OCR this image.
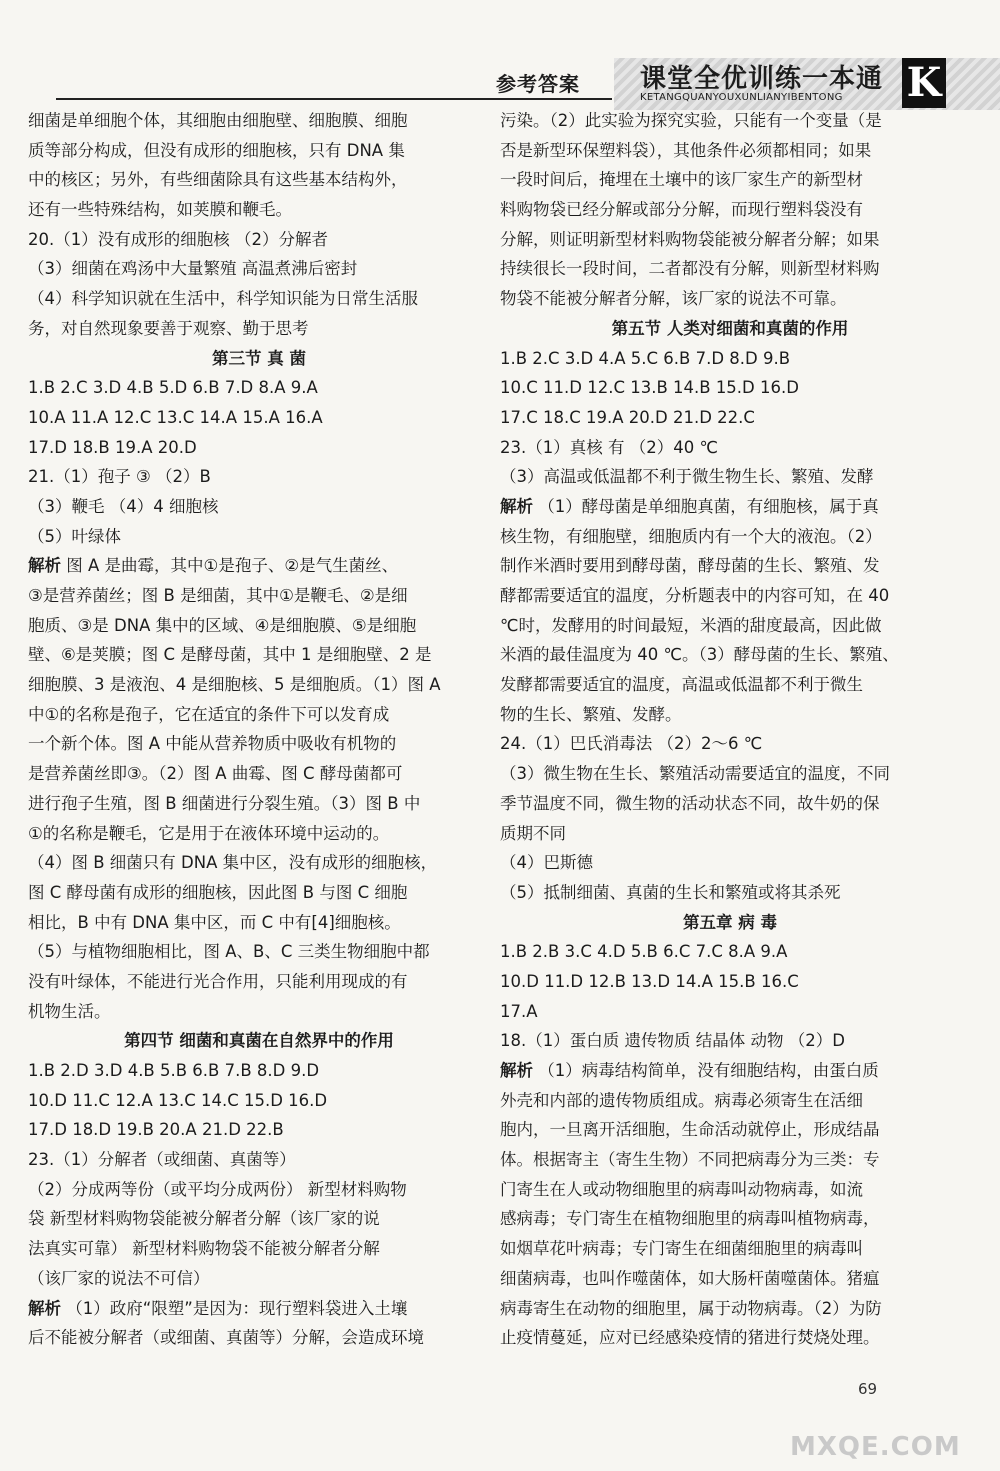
参考答案 课堂全优训练一本通
KETANGQUANYOUXUNLIANYIBENTONG K
细菌是单细胞个体，其细胞由细胞壁、细胞膜、细胞
质等部分构成，但没有成形的细胞核，只有 DNA 集
中的核区；另外，有些细菌除具有这些基本结构外，
还有一些特殊结构，如荚膜和鞭毛。
20.（1）没有成形的细胞核 （2）分解者
（3）细菌在鸡汤中大量繁殖 高温煮沸后密封
（4）科学知识就在生活中，科学知识能为日常生活服
务，对自然现象要善于观察、勤于思考
第三节 真 菌
1.B 2.C 3.D 4.B 5.D 6.B 7.D 8.A 9.A
10.A 11.A 12.C 13.C 14.A 15.A 16.A
17.D 18.B 19.A 20.D
21.（1）孢子 ③ （2）B
（3）鞭毛 （4）4 细胞核
（5）叶绿体
解析 图 A 是曲霉，其中①是孢子、②是气生菌丝、
③是营养菌丝；图 B 是细菌，其中①是鞭毛、②是细
胞质、③是 DNA 集中的区域、④是细胞膜、⑤是细胞
壁、⑥是荚膜；图 C 是酵母菌，其中 1 是细胞壁、2 是
细胞膜、3 是液泡、4 是细胞核、5 是细胞质。（1）图 A
中①的名称是孢子，它在适宜的条件下可以发育成
一个新个体。图 A 中能从营养物质中吸收有机物的
是营养菌丝即③。（2）图 A 曲霉、图 C 酵母菌都可
进行孢子生殖，图 B 细菌进行分裂生殖。（3）图 B 中
①的名称是鞭毛，它是用于在液体环境中运动的。
（4）图 B 细菌只有 DNA 集中区，没有成形的细胞核，
图 C 酵母菌有成形的细胞核，因此图 B 与图 C 细胞
相比，B 中有 DNA 集中区，而 C 中有[4]细胞核。
（5）与植物细胞相比，图 A、B、C 三类生物细胞中都
没有叶绿体，不能进行光合作用，只能利用现成的有
机物生活。
第四节 细菌和真菌在自然界中的作用
1.B 2.D 3.D 4.B 5.B 6.B 7.B 8.D 9.D
10.D 11.C 12.A 13.C 14.C 15.D 16.D
17.D 18.D 19.B 20.A 21.D 22.B
23.（1）分解者（或细菌、真菌等）
（2）分成两等份（或平均分成两份） 新型材料购物
袋 新型材料购物袋能被分解者分解（该厂家的说
法真实可靠） 新型材料购物袋不能被分解者分解
（该厂家的说法不可信）
解析 （1）政府“限塑”是因为：现行塑料袋进入土壤
后不能被分解者（或细菌、真菌等）分解，会造成环境
污染。（2）此实验为探究实验，只能有一个变量（是
否是新型环保塑料袋），其他条件必须都相同；如果
一段时间后，掩埋在土壤中的该厂家生产的新型材
料购物袋已经分解或部分分解，而现行塑料袋没有
分解，则证明新型材料购物袋能被分解者分解；如果
持续很长一段时间，二者都没有分解，则新型材料购
物袋不能被分解者分解，该厂家的说法不可靠。
第五节 人类对细菌和真菌的作用
1.B 2.C 3.D 4.A 5.C 6.B 7.D 8.D 9.B
10.C 11.D 12.C 13.B 14.B 15.D 16.D
17.C 18.C 19.A 20.D 21.D 22.C
23.（1）真核 有 （2）40 ℃
（3）高温或低温都不利于微生物生长、繁殖、发酵
解析 （1）酵母菌是单细胞真菌，有细胞核，属于真
核生物，有细胞壁，细胞质内有一个大的液泡。（2）
制作米酒时要用到酵母菌，酵母菌的生长、繁殖、发
酵都需要适宜的温度，分析题表中的内容可知，在 40
℃时，发酵用的时间最短，米酒的甜度最高，因此做
米酒的最佳温度为 40 ℃。（3）酵母菌的生长、繁殖、
发酵都需要适宜的温度，高温或低温都不利于微生
物的生长、繁殖、发酵。
24.（1）巴氏消毒法 （2）2～6 ℃
（3）微生物在生长、繁殖活动需要适宜的温度，不同
季节温度不同，微生物的活动状态不同，故牛奶的保
质期不同
（4）巴斯德
（5）抵制细菌、真菌的生长和繁殖或将其杀死
第五章 病 毒
1.B 2.B 3.C 4.D 5.B 6.C 7.C 8.A 9.A
10.D 11.D 12.B 13.D 14.A 15.B 16.C
17.A
18.（1）蛋白质 遗传物质 结晶体 动物 （2）D
解析 （1）病毒结构简单，没有细胞结构，由蛋白质
外壳和内部的遗传物质组成。病毒必须寄生在活细
胞内，一旦离开活细胞，生命活动就停止，形成结晶
体。根据寄主（寄生生物）不同把病毒分为三类：专
门寄生在人或动物细胞里的病毒叫动物病毒，如流
感病毒；专门寄生在植物细胞里的病毒叫植物病毒，
如烟草花叶病毒；专门寄生在细菌细胞里的病毒叫
细菌病毒，也叫作噬菌体，如大肠杆菌噬菌体。猪瘟
病毒寄生在动物的细胞里，属于动物病毒。（2）为防
止疫情蔓延，应对已经感染疫情的猪进行焚烧处理。
69
MXQE.COM
